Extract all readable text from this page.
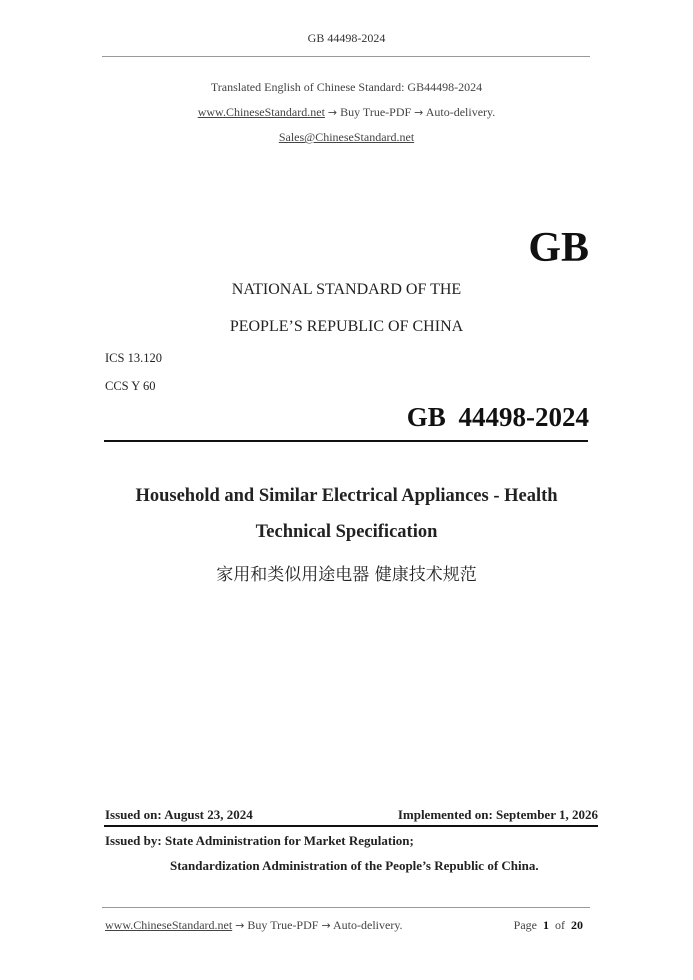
GB 44498-2024
Translated English of Chinese Standard: GB44498-2024
www.ChineseStandard.net → Buy True-PDF → Auto-delivery.
Sales@ChineseStandard.net
GB
NATIONAL STANDARD OF THE
PEOPLE’S REPUBLIC OF CHINA
ICS 13.120
CCS Y 60
GB 44498-2024
Household and Similar Electrical Appliances - Health
Technical Specification
家用和类似用途电器 健康技术规范
Issued on: August 23, 2024	Implemented on: September 1, 2026
Issued by: State Administration for Market Regulation;
Standardization Administration of the People’s Republic of China.
www.ChineseStandard.net → Buy True-PDF → Auto-delivery.	Page 1 of 20
